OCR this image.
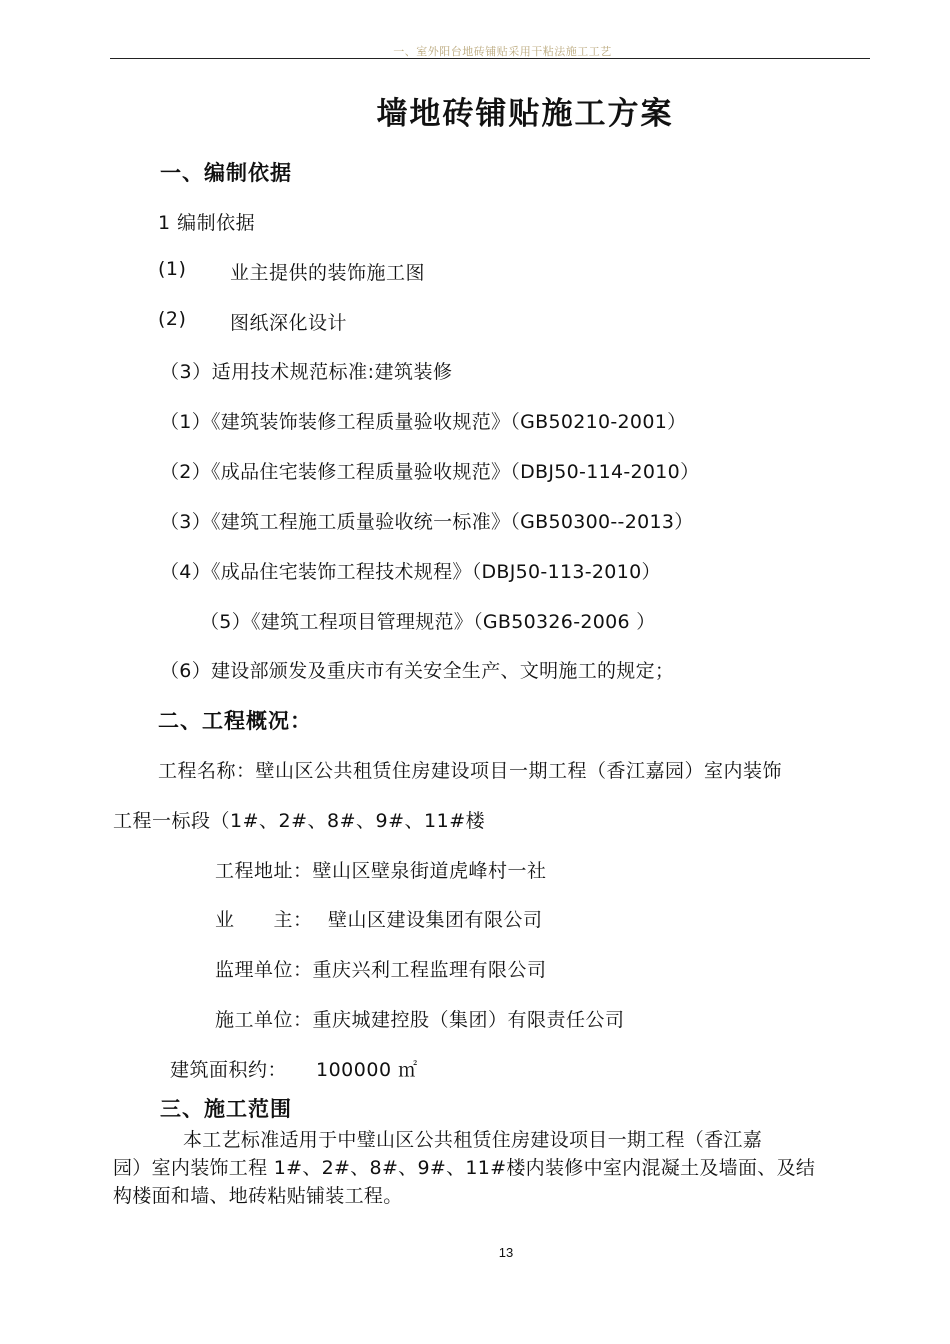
一、室外阳台地砖铺贴采用干粘法施工工艺
墙地砖铺贴施工方案
一、编制依据
1 编制依据
(1) 业主提供的装饰施工图
(2) 图纸深化设计
（3）适用技术规范标准:建筑装修
（1）《建筑装饰装修工程质量验收规范》（GB50210-2001）
（2）《成品住宅装修工程质量验收规范》（DBJ50-114-2010）
（3）《建筑工程施工质量验收统一标准》（GB50300--2013）
（4）《成品住宅装饰工程技术规程》（DBJ50-113-2010）
（5）《建筑工程项目管理规范》（GB50326-2006 ）
（6）建设部颁发及重庆市有关安全生产、文明施工的规定；
二、工程概况：
工程名称：壁山区公共租赁住房建设项目一期工程（香江嘉园）室内装饰
工程一标段（1#、2#、8#、9#、11#楼
工程地址：壁山区壁泉街道虎峰村一社
业　　主： 壁山区建设集团有限公司
监理单位：重庆兴利工程监理有限公司
施工单位：重庆城建控股（集团）有限责任公司
建筑面积约： 100000 ㎡
三、施工范围
本工艺标准适用于中璧山区公共租赁住房建设项目一期工程（香江嘉
园）室内装饰工程 1#、2#、8#、9#、11#楼内装修中室内混凝土及墙面、及结
构楼面和墙、地砖粘贴铺装工程。
13
